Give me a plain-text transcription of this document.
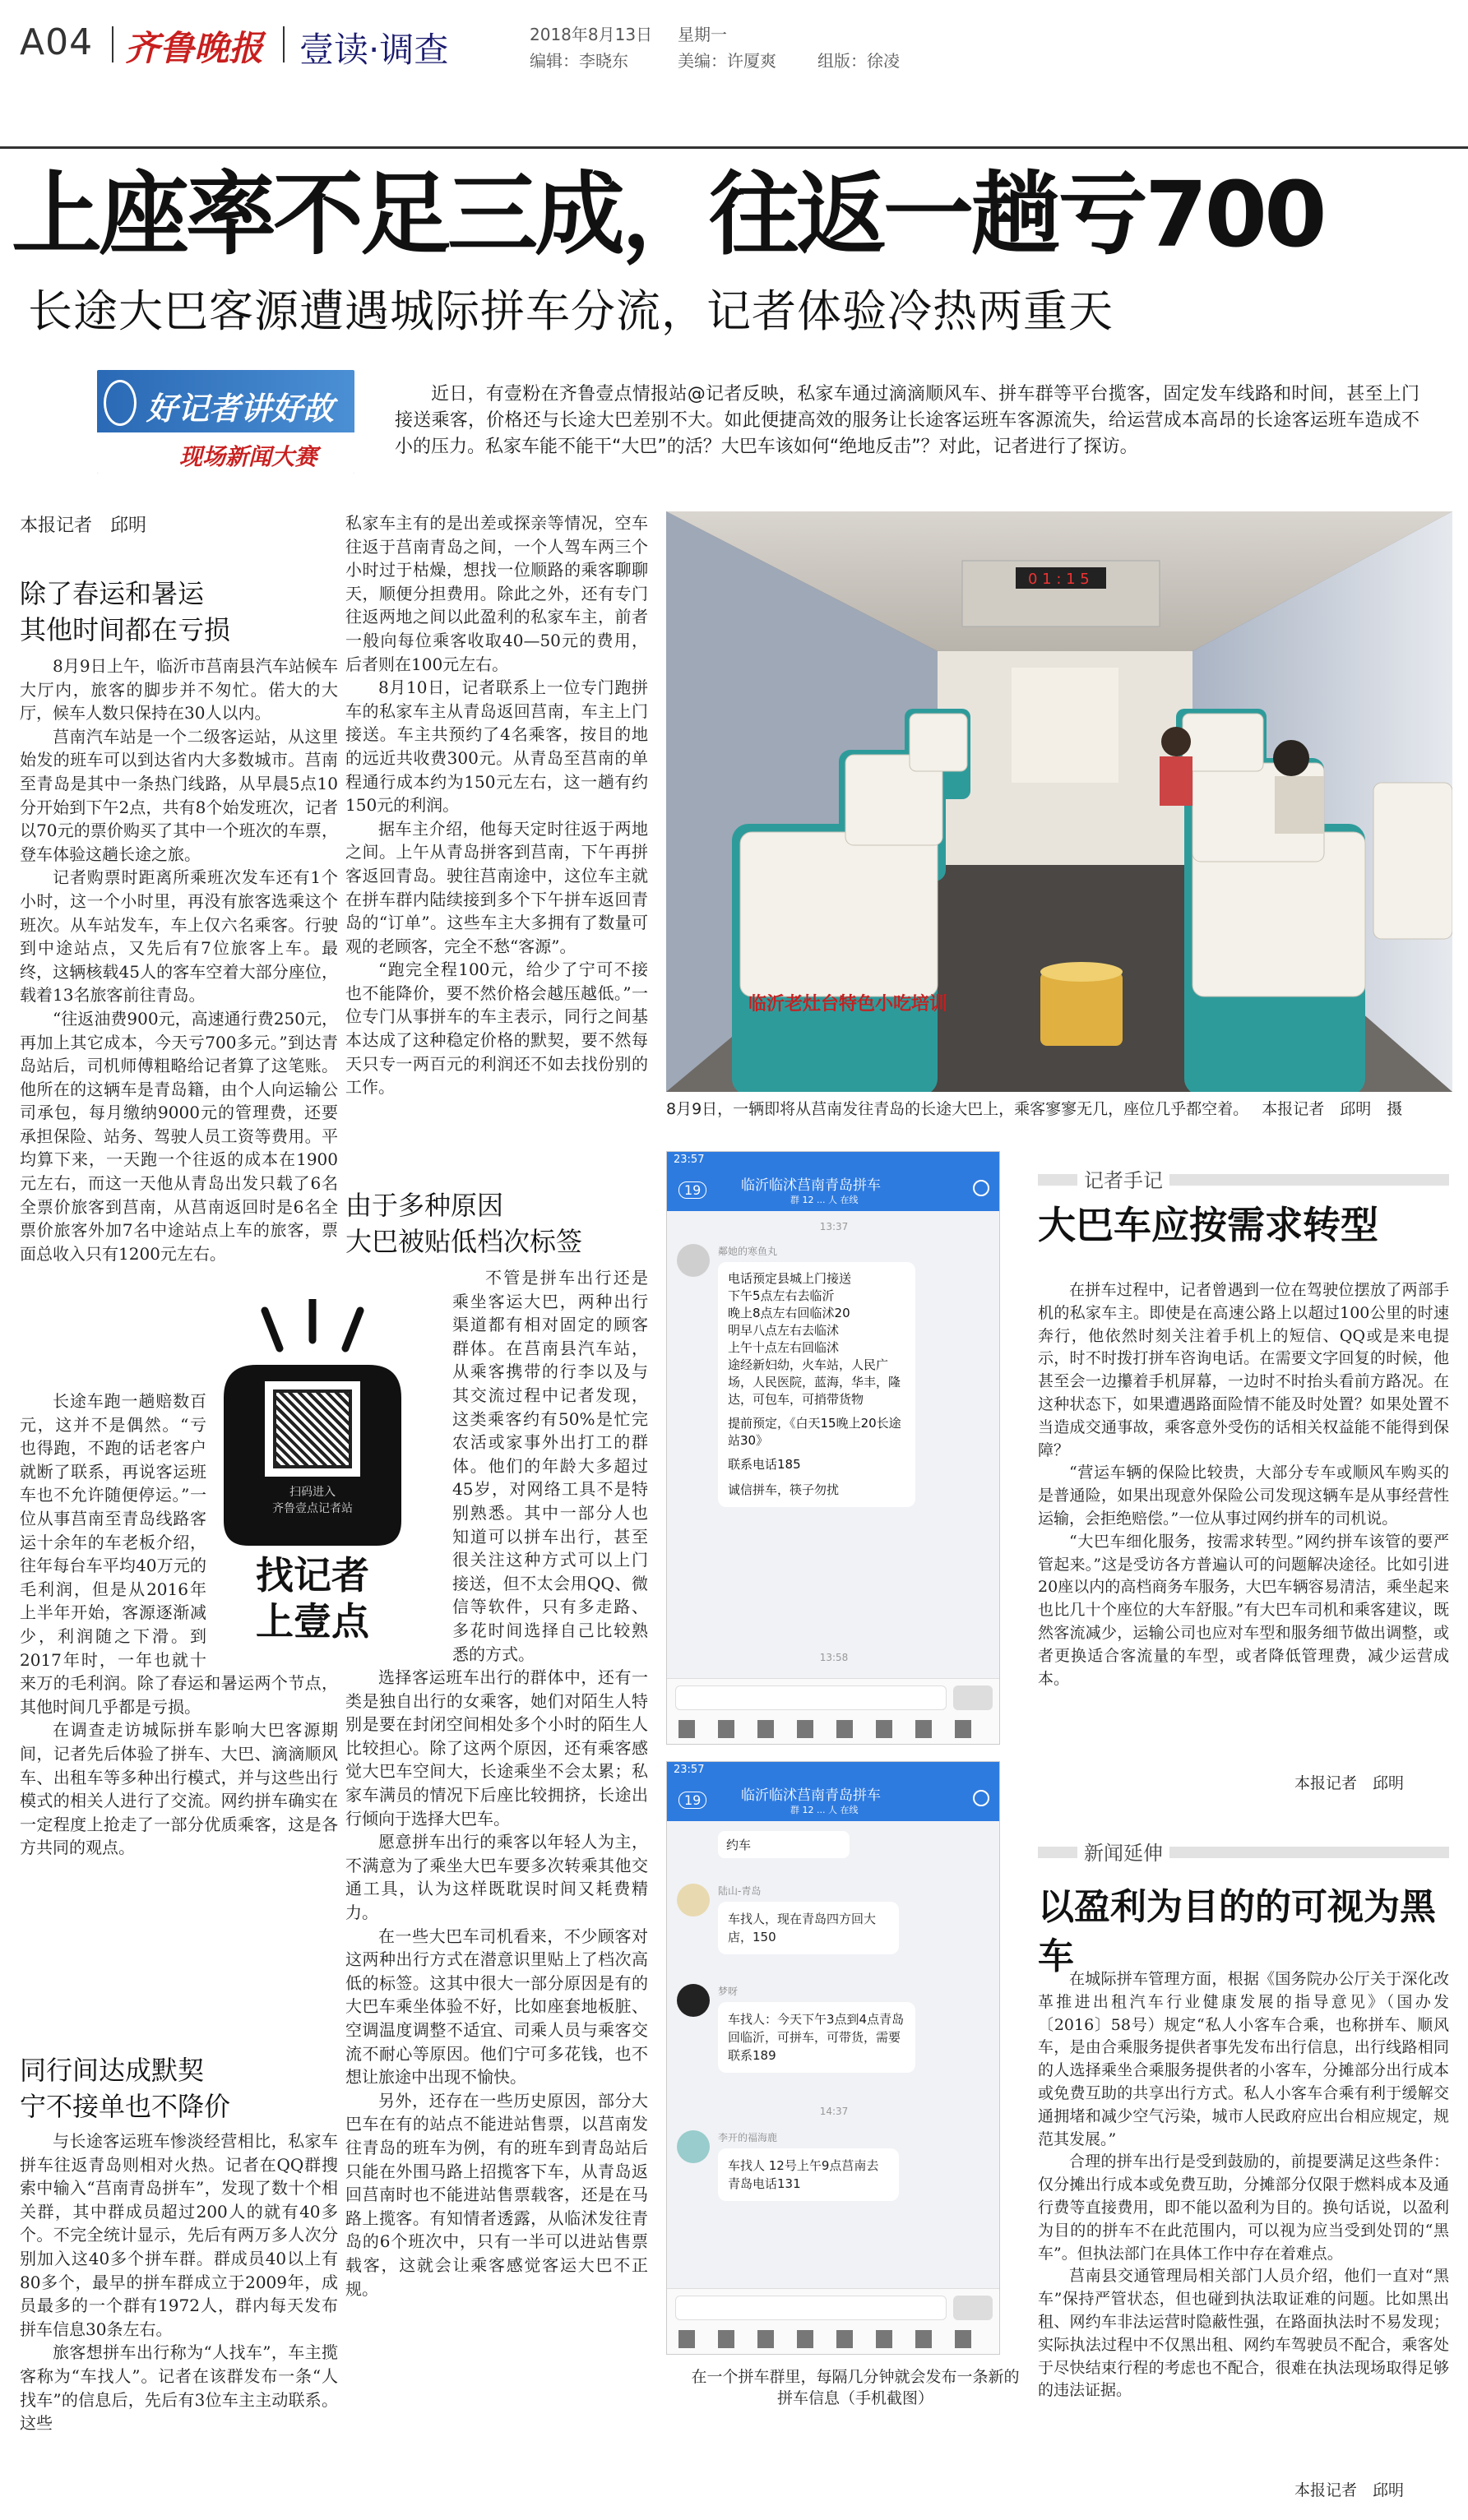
A04 齐鲁晚报 壹读·调查	2018年8月13日 星期一
编辑：李晓东	美编：许厦爽	组版：徐凌
上座率不足三成，往返一趟亏700
长途大巴客源遭遇城际拼车分流，记者体验冷热两重天
好记者讲好故
现场新闻大赛
近日，有壹粉在齐鲁壹点情报站@记者反映，私家车通过滴滴顺风车、拼车群等平台揽客，固定发车线路和时间，甚至上门接送乘客，价格还与长途大巴差别不大。如此便捷高效的服务让长途客运班车客源流失，给运营成本高昂的长途客运班车造成不小的压力。私家车能不能干“大巴”的活？大巴车该如何“绝地反击”？对此，记者进行了探访。
本报记者　邱明
除了春运和暑运
其他时间都在亏损

8月9日上午，临沂市莒南县汽车站候车大厅内，旅客的脚步并不匆忙。偌大的大厅，候车人数只保持在30人以内。

莒南汽车站是一个二级客运站，从这里始发的班车可以到达省内大多数城市。莒南至青岛是其中一条热门线路，从早晨5点10分开始到下午2点，共有8个始发班次，记者以70元的票价购买了其中一个班次的车票，登车体验这趟长途之旅。

记者购票时距离所乘班次发车还有1个小时，这一个小时里，再没有旅客选乘这个班次。从车站发车，车上仅六名乘客。行驶到中途站点，又先后有7位旅客上车。最终，这辆核载45人的客车空着大部分座位，载着13名旅客前往青岛。

“往返油费900元，高速通行费250元，再加上其它成本，今天亏700多元。”到达青岛站后，司机师傅粗略给记者算了这笔账。他所在的这辆车是青岛籍，由个人向运输公司承包，每月缴纳9000元的管理费，还要承担保险、站务、驾驶人员工资等费用。平均算下来，一天跑一个往返的成本在1900元左右，而这一天他从青岛出发只载了6名全票价旅客到莒南，从莒南返回时是6名全票价旅客外加7名中途站点上车的旅客，票面总收入只有1200元左右。

扫码进入
齐鲁壹点记者站
找记者
上壹点

长途车跑一趟赔数百元，这并不是偶然。“亏也得跑，不跑的话老客户就断了联系，再说客运班车也不允许随便停运。”一位从事莒南至青岛线路客运十余年的车老板介绍，往年每台车平均40万元的毛利润，但是从2016年上半年开始，客源逐渐减少，利润随之下滑。到2017年时，一年也就十来万的毛利润。除了春运和暑运两个节点，其他时间几乎都是亏损。

在调查走访城际拼车影响大巴客源期间，记者先后体验了拼车、大巴、滴滴顺风车、出租车等多种出行模式，并与这些出行模式的相关人进行了交流。网约拼车确实在一定程度上抢走了一部分优质乘客，这是各方共同的观点。

同行间达成默契
宁不接单也不降价

与长途客运班车惨淡经营相比，私家车拼车往返青岛则相对火热。记者在QQ群搜索中输入“莒南青岛拼车”，发现了数十个相关群，其中群成员超过200人的就有40多个。不完全统计显示，先后有两万多人次分别加入这40多个拼车群。群成员40以上有80多个，最早的拼车群成立于2009年，成员最多的一个群有1972人，群内每天发布拼车信息30条左右。

旅客想拼车出行称为“人找车”，车主揽客称为“车找人”。记者在该群发布一条“人找车”的信息后，先后有3位车主主动联系。这些

私家车主有的是出差或探亲等情况，空车往返于莒南青岛之间，一个人驾车两三个小时过于枯燥，想找一位顺路的乘客聊聊天，顺便分担费用。除此之外，还有专门往返两地之间以此盈利的私家车主，前者一般向每位乘客收取40—50元的费用，后者则在100元左右。

8月10日，记者联系上一位专门跑拼车的私家车主从青岛返回莒南，车主上门接送。车主共预约了4名乘客，按目的地的远近共收费300元。从青岛至莒南的单程通行成本约为150元左右，这一趟有约150元的利润。

据车主介绍，他每天定时往返于两地之间。上午从青岛拼客到莒南，下午再拼客返回青岛。驶往莒南途中，这位车主就在拼车群内陆续接到多个下午拼车返回青岛的“订单”。这些车主大多拥有了数量可观的老顾客，完全不愁“客源”。

“跑完全程100元，给少了宁可不接也不能降价，要不然价格会越压越低。”一位专门从事拼车的车主表示，同行之间基本达成了这种稳定价格的默契，要不然每天只专一两百元的利润还不如去找份别的工作。

由于多种原因
大巴被贴低档次标签

不管是拼车出行还是乘坐客运大巴，两种出行渠道都有相对固定的顾客群体。在莒南县汽车站，从乘客携带的行李以及与其交流过程中记者发现，这类乘客约有50%是忙完农活或家事外出打工的群体。他们的年龄大多超过45岁，对网络工具不是特别熟悉。其中一部分人也知道可以拼车出行，甚至很关注这种方式可以上门接送，但不太会用QQ、微信等软件，只有多走路、多花时间选择自己比较熟悉的方式。

选择客运班车出行的群体中，还有一类是独自出行的女乘客，她们对陌生人特别是要在封闭空间相处多个小时的陌生人比较担心。除了这两个原因，还有乘客感觉大巴车空间大，长途乘坐不会太累；私家车满员的情况下后座比较拥挤，长途出行倾向于选择大巴车。

愿意拼车出行的乘客以年轻人为主，不满意为了乘坐大巴车要多次转乘其他交通工具，认为这样既耽误时间又耗费精力。

在一些大巴车司机看来，不少顾客对这两种出行方式在潜意识里贴上了档次高低的标签。这其中很大一部分原因是有的大巴车乘坐体验不好，比如座套地板脏、空调温度调整不适宜、司乘人员与乘客交流不耐心等原因。他们宁可多花钱，也不想让旅途中出现不愉快。

另外，还存在一些历史原因，部分大巴车在有的站点不能进站售票，以莒南发往青岛的班车为例，有的班车到青岛站后只能在外围马路上招揽客下车，从青岛返回莒南时也不能进站售票载客，还是在马路上揽客。有知情者透露，从临沭发往青岛的6个班次中，只有一半可以进站售票载客，这就会让乘客感觉客运大巴不正规。

0 1 : 1 5
临沂老灶台特色小吃培训
8月9日，一辆即将从莒南发往青岛的长途大巴上，乘客寥寥无几，座位几乎都空着。 本报记者　邱明　摄
23:57
19	临沂临沭莒南青岛拼车
群 12 ... 人 在线
13:37
鄰她的寒鱼丸
电话预定县城上门接送
下午5点左右去临沂
晚上8点左右回临沭20
明早八点左右去临沭
上午十点左右回临沭
途经新妇幼，火车站，人民广场，人民医院，蓝海，华丰，隆达，可包车，可捎带货物
提前预定，《白天15晚上20长途站30》
联系电话185
诚信拼车，筷子勿扰
13:58
23:57
19	临沂临沭莒南青岛拼车
群 12 ... 人 在线
约车
陆山-青岛
车找人，现在青岛四方回大店，150
梦呀
车找人：今天下午3点到4点青岛回临沂，可拼车，可带货，需要联系189
14:37
李开的福海鹿
车找人 12号上午9点莒南去青岛电话131
在一个拼车群里，每隔几分钟就会发布一条新的拼车信息（手机截图）
记者手记
大巴车应按需求转型

在拼车过程中，记者曾遇到一位在驾驶位摆放了两部手机的私家车主。即使是在高速公路上以超过100公里的时速奔行，他依然时刻关注着手机上的短信、QQ或是来电提示，时不时拨打拼车咨询电话。在需要文字回复的时候，他甚至会一边攥着手机屏幕，一边时不时抬头看前方路况。在这种状态下，如果遭遇路面险情不能及时处置？如果处置不当造成交通事故，乘客意外受伤的话相关权益能不能得到保障？

“营运车辆的保险比较贵，大部分专车或顺风车购买的是普通险，如果出现意外保险公司发现这辆车是从事经营性运输，会拒绝赔偿。”一位从事过网约拼车的司机说。

“大巴车细化服务，按需求转型。”网约拼车该管的要严管起来。”这是受访各方普遍认可的问题解决途径。比如引进20座以内的高档商务车服务，大巴车辆容易清洁，乘坐起来也比几十个座位的大车舒服。”有大巴车司机和乘客建议，既然客流减少，运输公司也应对车型和服务细节做出调整，或者更换适合客流量的车型，或者降低管理费，减少运营成本。

本报记者　邱明
新闻延伸
以盈利为目的的可视为黑车

在城际拼车管理方面，根据《国务院办公厅关于深化改革推进出租汽车行业健康发展的指导意见》（国办发〔2016〕58号）规定“私人小客车合乘，也称拼车、顺风车，是由合乘服务提供者事先发布出行信息，出行线路相同的人选择乘坐合乘服务提供者的小客车，分摊部分出行成本或免费互助的共享出行方式。私人小客车合乘有利于缓解交通拥堵和减少空气污染，城市人民政府应出台相应规定，规范其发展。”

合理的拼车出行是受到鼓励的，前提要满足这些条件：仅分摊出行成本或免费互助，分摊部分仅限于燃料成本及通行费等直接费用，即不能以盈利为目的。换句话说，以盈利为目的的拼车不在此范围内，可以视为应当受到处罚的“黑车”。但执法部门在具体工作中存在着难点。

莒南县交通管理局相关部门人员介绍，他们一直对“黑车”保持严管状态，但也碰到执法取证难的问题。比如黑出租、网约车非法运营时隐蔽性强，在路面执法时不易发现；实际执法过程中不仅黑出租、网约车驾驶员不配合，乘客处于尽快结束行程的考虑也不配合，很难在执法现场取得足够的违法证据。

本报记者　邱明
